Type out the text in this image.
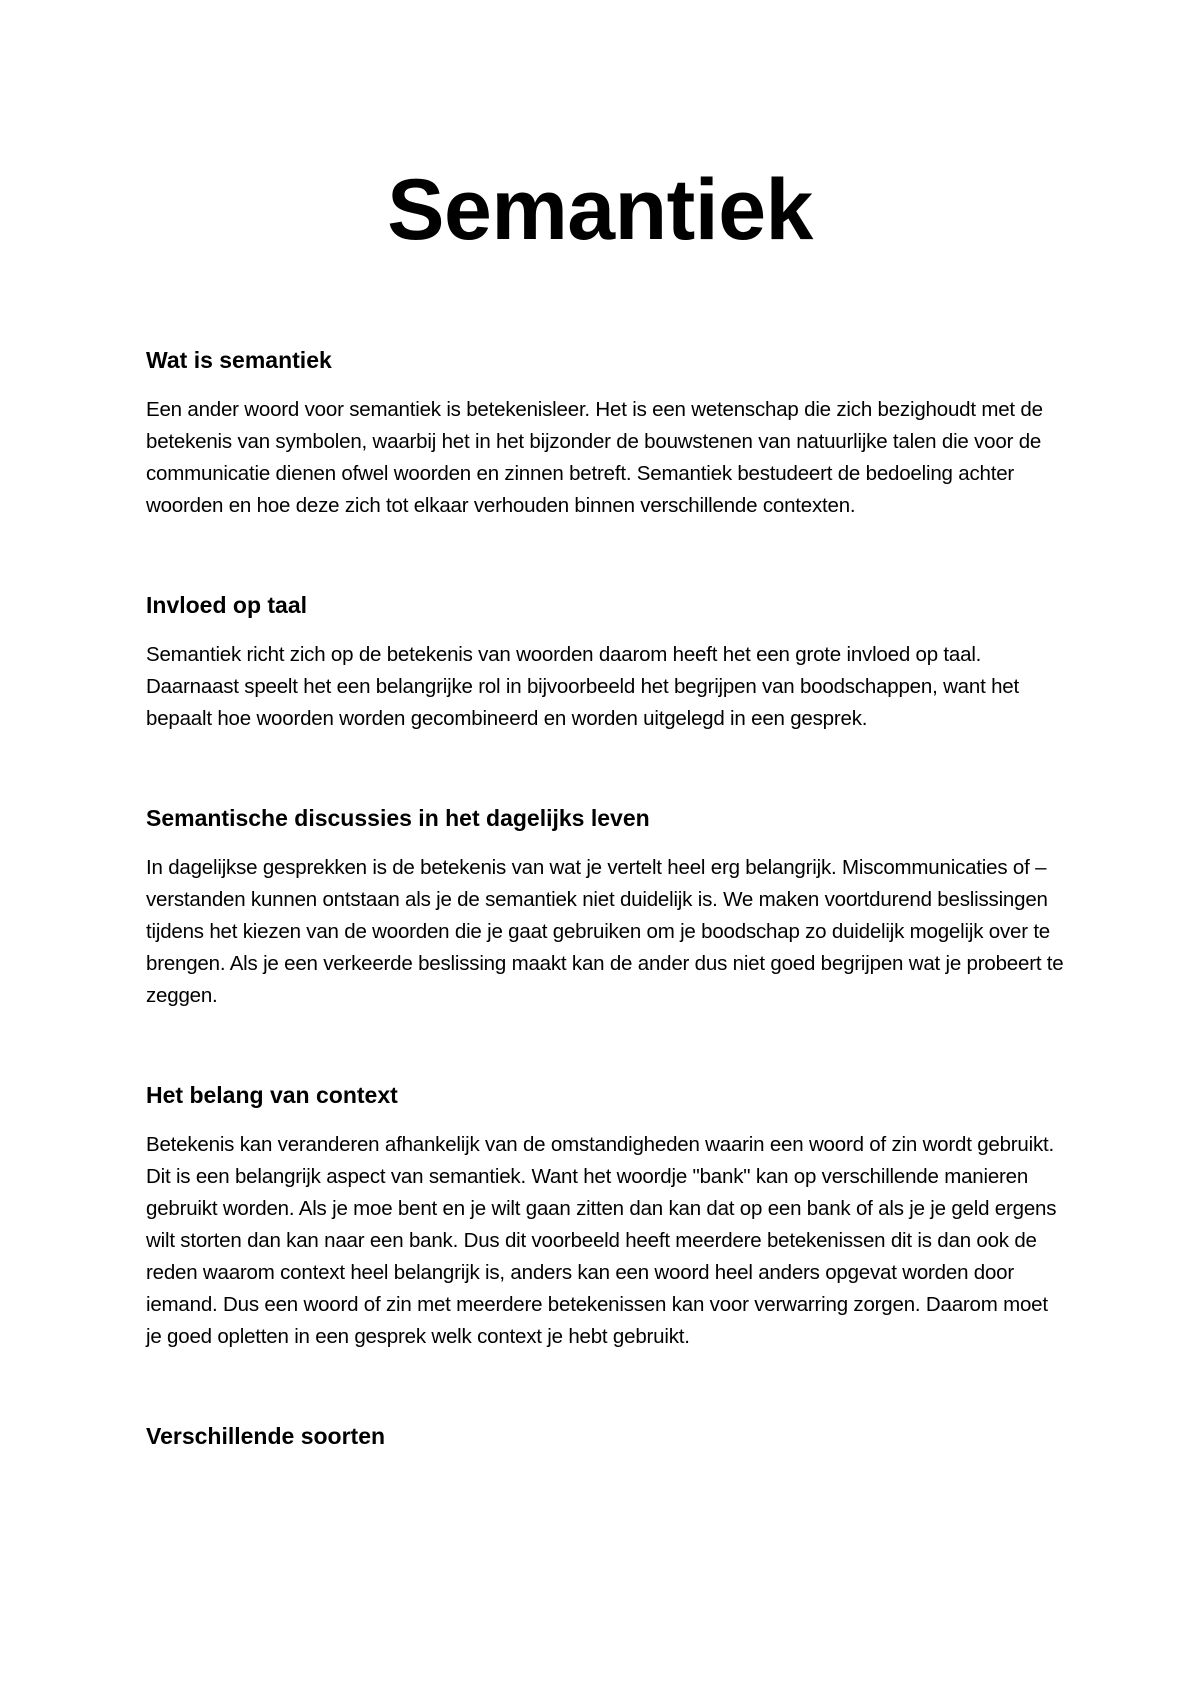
Semantiek
Wat is semantiek

Een ander woord voor semantiek is betekenisleer. Het is een wetenschap die zich bezighoudt met de betekenis van symbolen, waarbij het in het bijzonder de bouwstenen van natuurlijke talen die voor de communicatie dienen ofwel woorden en zinnen betreft. Semantiek bestudeert de bedoeling achter woorden en hoe deze zich tot elkaar verhouden binnen verschillende contexten.

Invloed op taal

Semantiek richt zich op de betekenis van woorden daarom heeft het een grote invloed op taal. Daarnaast speelt het een belangrijke rol in bijvoorbeeld het begrijpen van boodschappen, want het bepaalt hoe woorden worden gecombineerd en worden uitgelegd in een gesprek.

Semantische discussies in het dagelijks leven

In dagelijkse gesprekken is de betekenis van wat je vertelt heel erg belangrijk. Miscommunicaties of –verstanden kunnen ontstaan als je de semantiek niet duidelijk is. We maken voortdurend beslissingen tijdens het kiezen van de woorden die je gaat gebruiken om je boodschap zo duidelijk mogelijk over te brengen. Als je een verkeerde beslissing maakt kan de ander dus niet goed begrijpen wat je probeert te zeggen.

Het belang van context

Betekenis kan veranderen afhankelijk van de omstandigheden waarin een woord of zin wordt gebruikt. Dit is een belangrijk aspect van semantiek. Want het woordje "bank" kan op verschillende manieren gebruikt worden. Als je moe bent en je wilt gaan zitten dan kan dat op een bank of als je je geld ergens wilt storten dan kan naar een bank. Dus dit voorbeeld heeft meerdere betekenissen dit is dan ook de reden waarom context heel belangrijk is, anders kan een woord heel anders opgevat worden door iemand. Dus een woord of zin met meerdere betekenissen kan voor verwarring zorgen. Daarom moet je goed opletten in een gesprek welk context je hebt gebruikt.

Verschillende soorten
